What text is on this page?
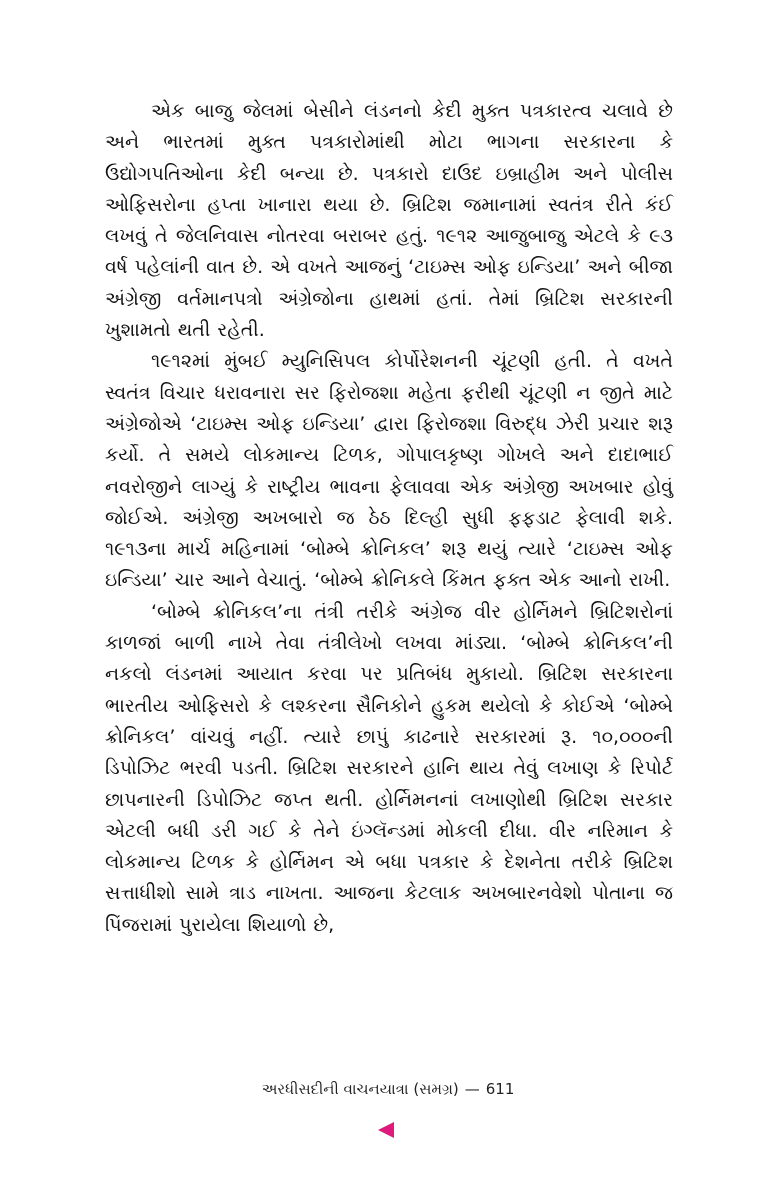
એક બાજુ જેલમાં બેસીને લંડનનો કેદી મુક્ત પત્રકારત્વ ચલાવે છે અને ભારતમાં મુક્ત પત્રકારોમાંથી મોટા ભાગના સરકારના કે ઉદ્યોગપતિઓના કેદી બન્યા છે. પત્રકારો દાઉદ ઇબ્રાહીમ અને પોલીસ ઓફિસરોના હપ્તા ખાનારા થયા છે. બ્રિટિશ જમાનામાં સ્વતંત્ર રીતે કંઈ લખવું તે જેલનિવાસ નોતરવા બરાબર હતું. ૧૯૧૨ આજુબાજુ એટલે કે ૯૩ વર્ષ પહેલાંની વાત છે. એ વખતે આજનું ‘ટાઇમ્સ ઓફ ઇન્ડિયા’ અને બીજા અંગ્રેજી વર્તમાનપત્રો અંગ્રેજોના હાથમાં હતાં. તેમાં બ્રિટિશ સરકારની ખુશામતો થતી રહેતી.

૧૯૧૨માં મુંબઈ મ્યુનિસિપલ કોર્પોરેશનની ચૂંટણી હતી. તે વખતે સ્વતંત્ર વિચાર ધરાવનારા સર ફિરોજશા મહેતા ફરીથી ચૂંટણી ન જીતે માટે અંગ્રેજોએ ‘ટાઇમ્સ ઓફ ઇન્ડિયા’ દ્વારા ફિરોજશા વિરુદ્ધ ઝેરી પ્રચાર શરૂ કર્યો. તે સમયે લોકમાન્ય ટિળક, ગોપાલકૃષ્ણ ગોખલે અને દાદાભાઈ નવરોજીને લાગ્યું કે રાષ્ટ્રીય ભાવના ફેલાવવા એક અંગ્રેજી અખબાર હોવું જોઈએ. અંગ્રેજી અખબારો જ ઠેઠ દિલ્હી સુધી ફફડાટ ફેલાવી શકે. ૧૯૧૩ના માર્ચ મહિનામાં ‘બોમ્બે ક્રોનિકલ’ શરૂ થયું ત્યારે ‘ટાઇમ્સ ઓફ ઇન્ડિયા’ ચાર આને વેચાતું. ‘બોમ્બે ક્રોનિકલે કિંમત ફક્ત એક આનો રાખી.

‘બોમ્બે ક્રોનિકલ’ના તંત્રી તરીકે અંગ્રેજ વીર હોર્નિમને બ્રિટિશરોનાં કાળજાં બાળી નાખે તેવા તંત્રીલેખો લખવા માંડ્યા. ‘બોમ્બે ક્રોનિકલ’ની નકલો લંડનમાં આયાત કરવા પર પ્રતિબંધ મુકાયો. બ્રિટિશ સરકારના ભારતીય ઓફિસરો કે લશ્કરના સૈનિકોને હુકમ થયેલો કે કોઈએ ‘બોમ્બે ક્રોનિકલ’ વાંચવું નહીં. ત્યારે છાપું કાઢનારે સરકારમાં રૂ. ૧૦,૦૦૦ની ડિપોઝિટ ભરવી પડતી. બ્રિટિશ સરકારને હાનિ થાય તેવું લખાણ કે રિપોર્ટ છાપનારની ડિપોઝિટ જપ્ત થતી. હોર્નિમનનાં લખાણોથી બ્રિટિશ સરકાર એટલી બધી ડરી ગઈ કે તેને ઇંગ્લૅન્ડમાં મોકલી દીધા. વીર નરિમાન કે લોકમાન્ય ટિળક કે હોર્નિમન એ બધા પત્રકાર કે દેશનેતા તરીકે બ્રિટિશ સત્તાધીશો સામે ત્રાડ નાખતા. આજના કેટલાક અખબારનવેશો પોતાના જ પિંજરામાં પુરાયેલા શિયાળો છે,

અરધીસદીની વાચનયાત્રા (સમગ્ર) — 611
